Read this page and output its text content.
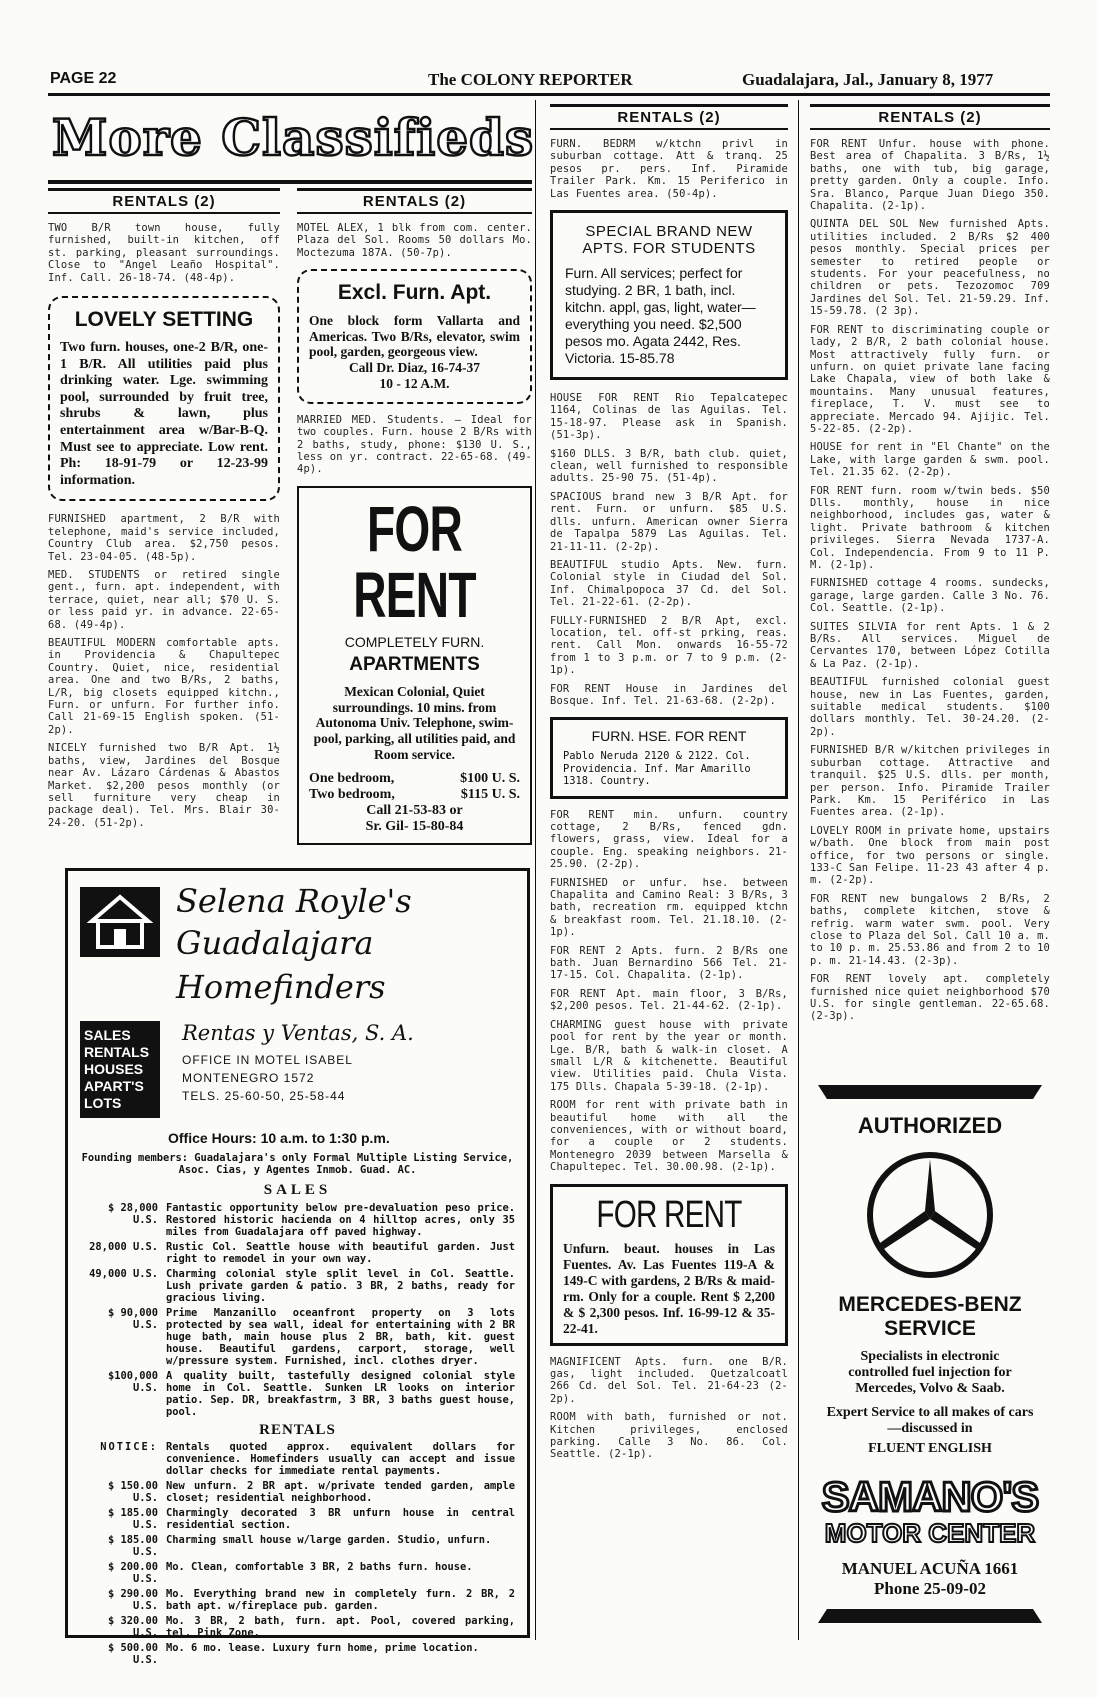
PAGE 22	The COLONY REPORTER	Guadalajara, Jal., January 8, 1977
More Classifieds
RENTALS (2)

TWO B/R town house, fully furnished, built-in kitchen, off st. parking, pleasant surroundings. Close to "Angel Leaño Hospital". Inf. Call. 26-18-74. (48-4p).

LOVELY SETTING
Two furn. houses, one-2 B/R, one-1 B/R. All utilities paid plus drinking water. Lge. swimming pool, surrounded by fruit tree, shrubs & lawn, plus entertainment area w/Bar-B-Q. Must see to appreciate. Low rent. Ph: 18-91-79 or 12-23-99 information.

FURNISHED apartment, 2 B/R with telephone, maid's service included, Country Club area. $2,750 pesos. Tel. 23-04-05. (48-5p).

MED. STUDENTS or retired single gent., furn. apt. independent, with terrace, quiet, near all; $70 U. S. or less paid yr. in advance. 22-65-68. (49-4p).

BEAUTIFUL MODERN comfortable apts. in Providencia & Chapultepec Country. Quiet, nice, residential area. One and two B/Rs, 2 baths, L/R, big closets equipped kitchn., Furn. or unfurn. For further info. Call 21-69-15 English spoken. (51-2p).

NICELY furnished two B/R Apt. 1½ baths, view, Jardines del Bosque near Av. Lázaro Cárdenas & Abastos Market. $2,200 pesos monthly (or sell furniture very cheap in package deal). Tel. Mrs. Blair 30-24-20. (51-2p).

RENTALS (2)

MOTEL ALEX, 1 blk from com. center. Plaza del Sol. Rooms 50 dollars Mo. Moctezuma 187A. (50-7p).

Excl. Furn. Apt.
One block form Vallarta and Americas. Two B/Rs, elevator, swim pool, garden, georgeous view.
Call Dr. Diaz, 16-74-37
10 - 12 A.M.

MARRIED MED. Students. — Ideal for two couples. Furn. house 2 B/Rs with 2 baths, study, phone: $130 U. S., less on yr. contract. 22-65-68. (49-4p).

FOR RENT
COMPLETELY FURN.
APARTMENTS
Mexican Colonial, Quiet surroundings. 10 mins. from Autonoma Univ. Telephone, swim-pool, parking, all utilities paid, and Room service.
One bedroom,	$100 U. S.
Two bedroom,	$115 U. S.
Call 21-53-83 or
Sr. Gil- 15-80-84
Selena Royle's
Guadalajara Homefinders
SALES
RENTALS
HOUSES
APART'S
LOTS
Rentas y Ventas, S. A.
OFFICE IN MOTEL ISABEL
MONTENEGRO 1572
TELS. 25-60-50, 25-58-44
Office Hours: 10 a.m. to 1:30 p.m.
Founding members: Guadalajara's only Formal Multiple Listing Service, Asoc. Cias, y Agentes Inmob. Guad. AC.
SALES
$ 28,000 U.S.
Fantastic opportunity below pre-devaluation peso price. Restored historic hacienda on 4 hilltop acres, only 35 miles from Guadalajara off paved highway.
28,000 U.S. Rustic Col. Seattle house with beautiful garden. Just right to remodel in your own way.
49,000 U.S. Charming colonial style split level in Col. Seattle. Lush private garden & patio. 3 BR, 2 baths, ready for gracious living.
$ 90,000 U.S.
Prime Manzanillo oceanfront property on 3 lots protected by sea wall, ideal for entertaining with 2 BR huge bath, main house plus 2 BR, bath, kit. guest house. Beautiful gardens, carport, storage, well w/pressure system. Furnished, incl. clothes dryer.
$100,000 U.S.
A quality built, tastefully designed colonial style home in Col. Seattle. Sunken LR looks on interior patio. Sep. DR, breakfastrm, 3 BR, 3 baths guest house, pool.
RENTALS
NOTICE: Rentals quoted approx. equivalent dollars for convenience. Homefinders usually can accept and issue dollar checks for immediate rental payments.
$ 150.00 U.S.
New unfurn. 2 BR apt. w/private tended garden, ample closet; residential neighborhood.
$ 185.00 U.S.
Charmingly decorated 3 BR unfurn house in central residential section.
$ 185.00 U.S.
Charming small house w/large garden. Studio, unfurn.
$ 200.00 U.S.
Mo. Clean, comfortable 3 BR, 2 baths furn. house.
$ 290.00 U.S.
Mo. Everything brand new in completely furn. 2 BR, 2 bath apt. w/fireplace pub. garden.
$ 320.00 U.S.
Mo. 3 BR, 2 bath, furn. apt. Pool, covered parking, tel. Pink Zone.
$ 500.00 U.S.
Mo. 6 mo. lease. Luxury furn home, prime location.
RENTALS (2)

FURN. BEDRM w/ktchn privl in suburban cottage. Att & tranq. 25 pesos pr. pers. Inf. Piramide Trailer Park. Km. 15 Periferico in Las Fuentes area. (50-4p).

SPECIAL BRAND NEW
APTS. FOR STUDENTS
Furn. All services; perfect for studying. 2 BR, 1 bath, incl. kitchn. appl, gas, light, water—everything you need. $2,500 pesos mo. Agata 2442, Res. Victoria. 15-85.78

HOUSE FOR RENT Rio Tepalcatepec 1164, Colinas de las Aguilas. Tel. 15-18-97. Please ask in Spanish. (51-3p).

$160 DLLS. 3 B/R, bath club. quiet, clean, well furnished to responsible adults. 25-90 75. (51-4p).

SPACIOUS brand new 3 B/R Apt. for rent. Furn. or unfurn. $85 U.S. dlls. unfurn. American owner Sierra de Tapalpa 5879 Las Aguilas. Tel. 21-11-11. (2-2p).

BEAUTIFUL studio Apts. New. furn. Colonial style in Ciudad del Sol. Inf. Chimalpopoca 37 Cd. del Sol. Tel. 21-22-61. (2-2p).

FULLY-FURNISHED 2 B/R Apt, excl. location, tel. off-st prking, reas. rent. Call Mon. onwards 16-55-72 from 1 to 3 p.m. or 7 to 9 p.m. (2-1p).

FOR RENT House in Jardines del Bosque. Inf. Tel. 21-63-68. (2-2p).

FURN. HSE. FOR RENT
Pablo Neruda 2120 & 2122. Col. Providencia. Inf. Mar Amarillo 1318. Country.

FOR RENT min. unfurn. country cottage, 2 B/Rs, fenced gdn. flowers, grass, view. Ideal for a couple. Eng. speaking neighbors. 21-25.90. (2-2p).

FURNISHED or unfur. hse. between Chapalita and Camino Real: 3 B/Rs, 3 bath, recreation rm. equipped ktchn & breakfast room. Tel. 21.18.10. (2-1p).

FOR RENT 2 Apts. furn. 2 B/Rs one bath. Juan Bernardino 566 Tel. 21-17-15. Col. Chapalita. (2-1p).

FOR RENT Apt. main floor, 3 B/Rs, $2,200 pesos. Tel. 21-44-62. (2-1p).

CHARMING guest house with private pool for rent by the year or month. Lge. B/R, bath & walk-in closet. A small L/R & kitchenette. Beautiful view. Utilities paid. Chula Vista. 175 Dlls. Chapala 5-39-18. (2-1p).

ROOM for rent with private bath in beautiful home with all the conveniences, with or without board, for a couple or 2 students. Montenegro 2039 between Marsella & Chapultepec. Tel. 30.00.98. (2-1p).

FOR RENT
Unfurn. beaut. houses in Las Fuentes. Av. Las Fuentes 119-A & 149-C with gardens, 2 B/Rs & maid-rm. Only for a couple. Rent $ 2,200 & $ 2,300 pesos. Inf. 16-99-12 & 35-22-41.

MAGNIFICENT Apts. furn. one B/R. gas, light included. Quetzalcoatl 266 Cd. del Sol. Tel. 21-64-23 (2-2p).

ROOM with bath, furnished or not. Kitchen privileges, enclosed parking. Calle 3 No. 86. Col. Seattle. (2-1p).

RENTALS (2)

FOR RENT Unfur. house with phone. Best area of Chapalita. 3 B/Rs, 1½ baths, one with tub, big garage, pretty garden. Only a couple. Info. Sra. Blanco, Parque Juan Diego 350. Chapalita. (2-1p).

QUINTA DEL SOL New furnished Apts. utilities included. 2 B/Rs $2 400 pesos monthly. Special prices per semester to retired people or students. For your peacefulness, no children or pets. Tezozomoc 709 Jardines del Sol. Tel. 21-59.29. Inf. 15-59.78. (2 3p).

FOR RENT to discriminating couple or lady, 2 B/R, 2 bath colonial house. Most attractively fully furn. or unfurn. on quiet private lane facing Lake Chapala, view of both lake & mountains. Many unusual features, fireplace, T. V. must see to appreciate. Mercado 94. Ajijic. Tel. 5-22-85. (2-2p).

HOUSE for rent in "El Chante" on the Lake, with large garden & swm. pool. Tel. 21.35 62. (2-2p).

FOR RENT furn. room w/twin beds. $50 Dlls. monthly, house in nice neighborhood, includes gas, water & light. Private bathroom & kitchen privileges. Sierra Nevada 1737-A. Col. Independencia. From 9 to 11 P. M. (2-1p).

FURNISHED cottage 4 rooms. sundecks, garage, large garden. Calle 3 No. 76. Col. Seattle. (2-1p).

SUITES SILVIA for rent Apts. 1 & 2 B/Rs. All services. Miguel de Cervantes 170, between López Cotilla & La Paz. (2-1p).

BEAUTIFUL furnished colonial guest house, new in Las Fuentes, garden, suitable medical students. $100 dollars monthly. Tel. 30-24.20. (2-2p).

FURNISHED B/R w/kitchen privileges in suburban cottage. Attractive and tranquil. $25 U.S. dlls. per month, per person. Info. Piramide Trailer Park. Km. 15 Periférico in Las Fuentes area. (2-1p).

LOVELY ROOM in private home, upstairs w/bath. One block from main post office, for two persons or single. 133-C San Felipe. 11-23 43 after 4 p. m. (2-2p).

FOR RENT new bungalows 2 B/Rs, 2 baths, complete kitchen, stove & refrig. warm water swm. pool. Very close to Plaza del Sol. Call 10 a. m. to 10 p. m. 25.53.86 and from 2 to 10 p. m. 21-14.43. (2-3p).

FOR RENT lovely apt. completely furnished nice quiet neighborhood $70 U.S. for single gentleman. 22-65.68. (2-3p).

AUTHORIZED
MERCEDES-BENZ
SERVICE
Specialists in electronic controlled fuel injection for Mercedes, Volvo & Saab.
Expert Service to all makes of cars—discussed in
FLUENT ENGLISH
SAMANO'S
MOTOR CENTER
MANUEL ACUÑA 1661
Phone 25-09-02
